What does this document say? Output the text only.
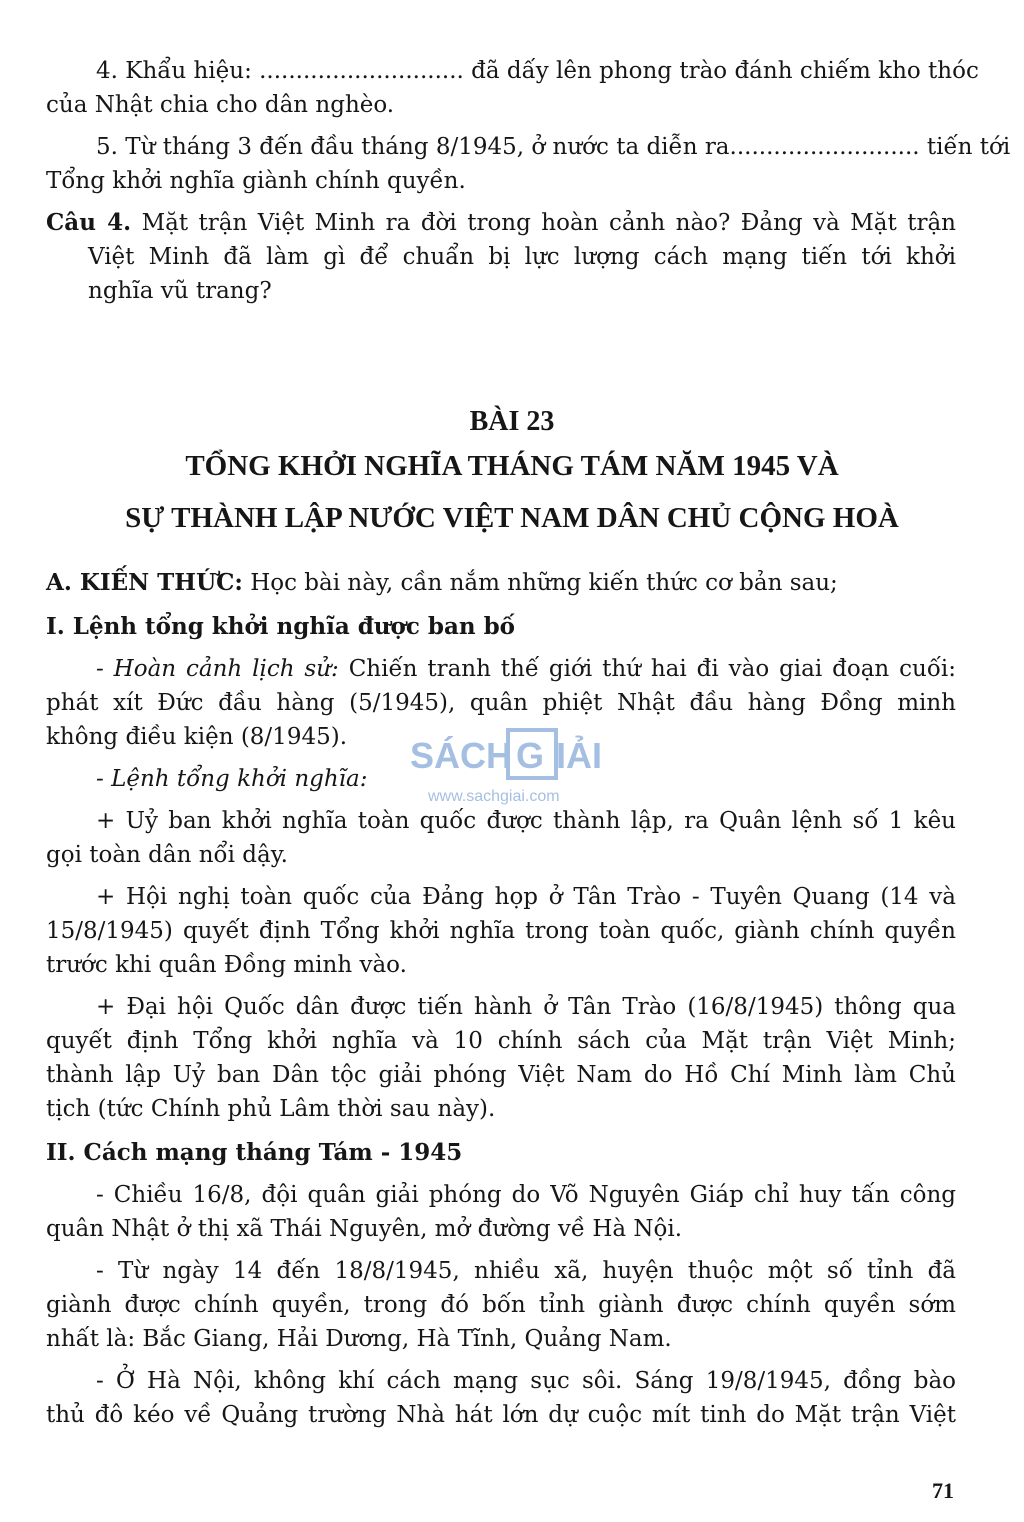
4. Khẩu hiệu: ............................ đã dấy lên phong trào đánh chiếm kho thóc
của Nhật chia cho dân nghèo.
5. Từ tháng 3 đến đầu tháng 8/1945, ở nước ta diễn ra.......................... tiến tới
Tổng khởi nghĩa giành chính quyền.
Câu 4. Mặt trận Việt Minh ra đời trong hoàn cảnh nào? Đảng và Mặt trận
Việt Minh đã làm gì để chuẩn bị lực lượng cách mạng tiến tới khởi
nghĩa vũ trang?
BÀI 23
TỔNG KHỞI NGHĨA THÁNG TÁM NĂM 1945 VÀ
SỰ THÀNH LẬP NƯỚC VIỆT NAM DÂN CHỦ CỘNG HOÀ
A. KIẾN THỨC: Học bài này, cần nắm những kiến thức cơ bản sau;
I. Lệnh tổng khởi nghĩa được ban bố
- Hoàn cảnh lịch sử: Chiến tranh thế giới thứ hai đi vào giai đoạn cuối:
phát xít Đức đầu hàng (5/1945), quân phiệt Nhật đầu hàng Đồng minh
không điều kiện (8/1945).
- Lệnh tổng khởi nghĩa:
+ Uỷ ban khởi nghĩa toàn quốc được thành lập, ra Quân lệnh số 1 kêu
gọi toàn dân nổi dậy.
+ Hội nghị toàn quốc của Đảng họp ở Tân Trào - Tuyên Quang (14 và
15/8/1945) quyết định Tổng khởi nghĩa trong toàn quốc, giành chính quyền
trước khi quân Đồng minh vào.
+ Đại hội Quốc dân được tiến hành ở Tân Trào (16/8/1945) thông qua
quyết định Tổng khởi nghĩa và 10 chính sách của Mặt trận Việt Minh;
thành lập Uỷ ban Dân tộc giải phóng Việt Nam do Hồ Chí Minh làm Chủ
tịch (tức Chính phủ Lâm thời sau này).
II. Cách mạng tháng Tám - 1945
- Chiều 16/8, đội quân giải phóng do Võ Nguyên Giáp chỉ huy tấn công
quân Nhật ở thị xã Thái Nguyên, mở đường về Hà Nội.
- Từ ngày 14 đến 18/8/1945, nhiều xã, huyện thuộc một số tỉnh đã
giành được chính quyền, trong đó bốn tỉnh giành được chính quyền sớm
nhất là: Bắc Giang, Hải Dương, Hà Tĩnh, Quảng Nam.
- Ở Hà Nội, không khí cách mạng sục sôi. Sáng 19/8/1945, đồng bào
thủ đô kéo về Quảng trường Nhà hát lớn dự cuộc mít tinh do Mặt trận Việt
SÁCH G IẢI
www.sachgiai.com
71
